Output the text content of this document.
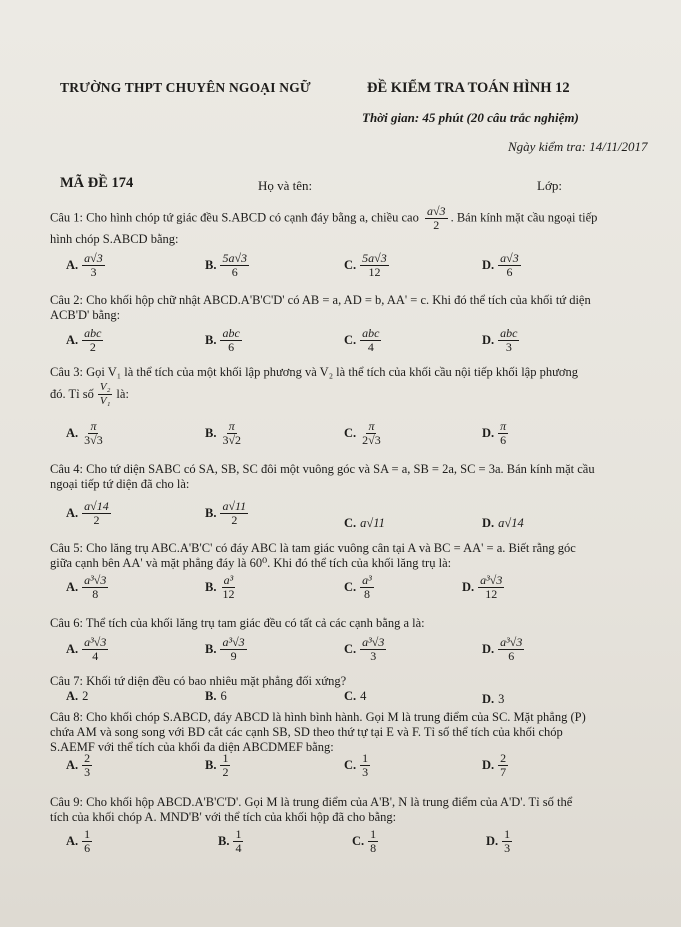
TRƯỜNG THPT CHUYÊN NGOẠI NGỮ	ĐỀ KIỂM TRA TOÁN HÌNH 12
Thời gian: 45 phút (20 câu trắc nghiệm)
Ngày kiểm tra: 14/11/2017
MÃ ĐỀ 174	Họ và tên:	Lớp:
Câu 1: Cho hình chóp tứ giác đều S.ABCD có cạnh đáy bằng a, chiều cao $\frac{a√3}{2}$ . Bán kính mặt cầu ngoại tiếp
hình chóp S.ABCD bằng:
A. $\frac{a√3}{3}$	B. $\frac{5a√3}{6}$	C. $\frac{5a√3}{12}$	D. $\frac{a√3}{6}$
Câu 2: Cho khối hộp chữ nhật ABCD.A'B'C'D' có AB = a, AD = b, AA' = c. Khi đó thể tích của khối tứ diện
ACB'D' bằng:
A. $\frac{\text{abc}}{2}$	B. $\frac{\text{abc}}{6}$	C. $\frac{\text{abc}}{4}$	D. $\frac{\text{abc}}{3}$
Câu 3: Gọi V₁ là thể tích của một khối lập phương và V₂ là thể tích của khối cầu nội tiếp khối lập phương
đó. Tỉ số $\frac{\text{V₂}}{\text{V₁}}$ là:
A. $\frac{\pi}{3√3}$	B. $\frac{\pi}{3√2}$	C. $\frac{\pi}{2√3}$	D. $\frac{\pi}{6}$
Câu 4: Cho tứ diện SABC có SA, SB, SC đôi một vuông góc và SA = a, SB = 2a, SC = 3a. Bán kính mặt cầu
ngoại tiếp tứ diện đã cho là:
A. $\frac{a√14}{2}$	B. $\frac{a√11}{2}$	C. a√11	D. a√14
Câu 5: Cho lăng trụ ABC.A'B'C' có đáy ABC là tam giác vuông cân tại A và BC = AA' = a. Biết rằng góc
giữa cạnh bên AA' và mặt phẳng đáy là 60⁰. Khi đó thể tích của khối lăng trụ là:
A. $\frac{\text{a³√3}}{8}$	B. $\frac{\text{a³}}{12}$	C. $\frac{\text{a³}}{8}$	D. $\frac{\text{a³√3}}{12}$
Câu 6: Thể tích của khối lăng trụ tam giác đều có tất cả các cạnh bằng a là:
A. $\frac{\text{a³√3}}{4}$	B. $\frac{\text{a³√3}}{9}$	C. $\frac{\text{a³√3}}{3}$	D. $\frac{\text{a³√3}}{6}$
Câu 7: Khối tứ diện đều có bao nhiêu mặt phẳng đối xứng?
A. 2	B. 6	C. 4	D. 3
Câu 8: Cho khối chóp S.ABCD, đáy ABCD là hình bình hành. Gọi M là trung điểm của SC. Mặt phẳng (P)
chứa AM và song song với BD cắt các cạnh SB, SD theo thứ tự tại E và F. Tỉ số thể tích của khối chóp
S.AEMF với thể tích của khối đa diện ABCDMEF bằng:
A. $\frac{2}{3}$	B. $\frac{1}{2}$	C. $\frac{1}{3}$	D. $\frac{2}{7}$
Câu 9: Cho khối hộp ABCD.A'B'C'D'. Gọi M là trung điểm của A'B', N là trung điểm của A'D'. Tỉ số thể
tích của khối chóp A. MND'B' với thể tích của khối hộp đã cho bằng:
A. $\frac{1}{6}$	B. $\frac{1}{4}$	C. $\frac{1}{8}$	D. $\frac{1}{3}$
